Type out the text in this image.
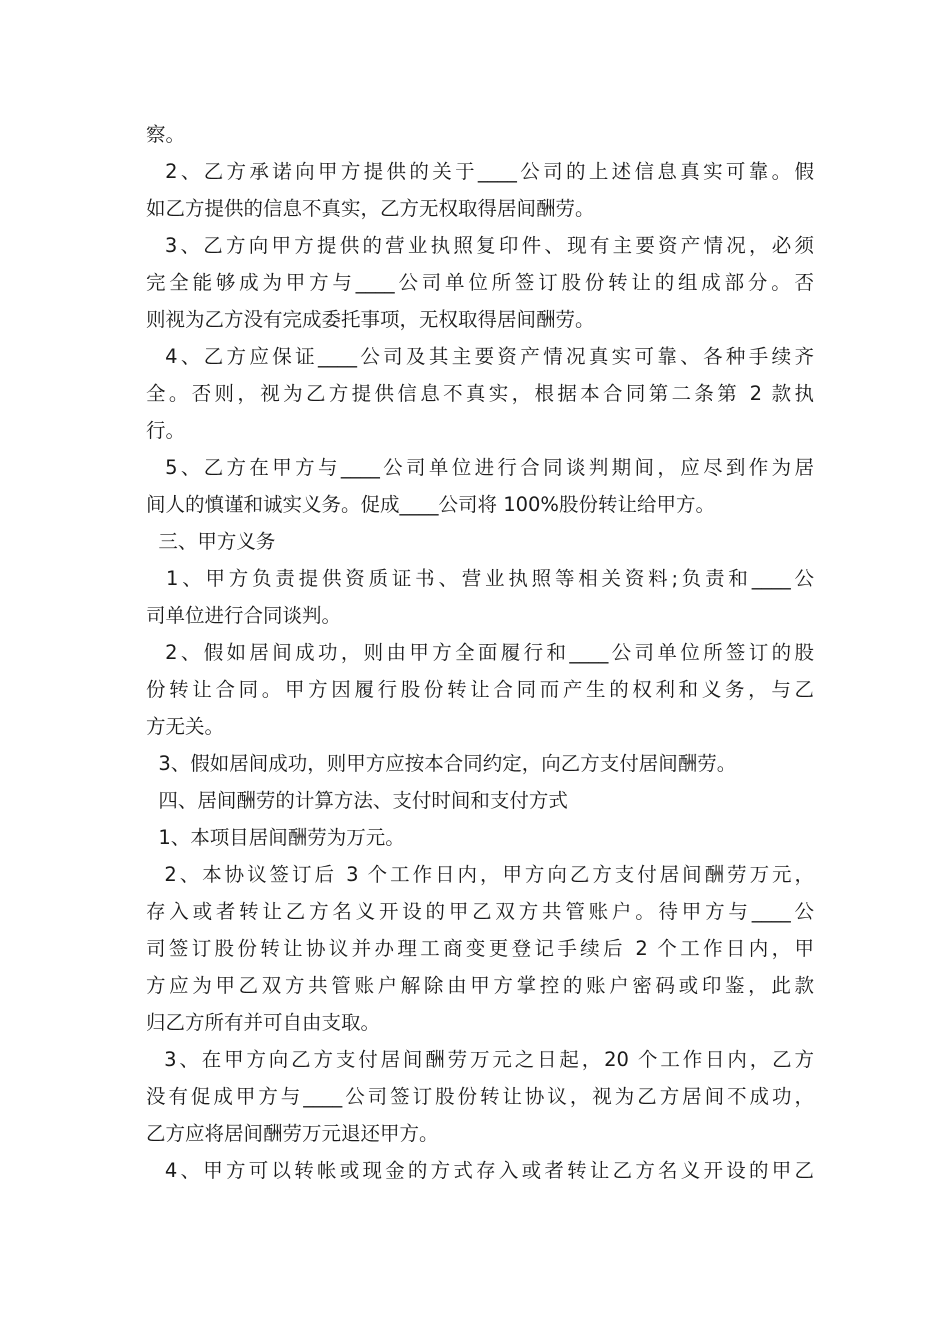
察。
2、乙方承诺向甲方提供的关于____公司的上述信息真实可靠。假
如乙方提供的信息不真实，乙方无权取得居间酬劳。
3、乙方向甲方提供的营业执照复印件、现有主要资产情况，必须
完全能够成为甲方与____公司单位所签订股份转让的组成部分。否
则视为乙方没有完成委托事项，无权取得居间酬劳。
4、乙方应保证____公司及其主要资产情况真实可靠、各种手续齐
全。否则，视为乙方提供信息不真实，根据本合同第二条第 2 款执
行。
5、乙方在甲方与____公司单位进行合同谈判期间，应尽到作为居
间人的慎谨和诚实义务。促成____公司将 100%股份转让给甲方。
三、甲方义务
1、甲方负责提供资质证书、营业执照等相关资料;负责和____公
司单位进行合同谈判。
2、假如居间成功，则由甲方全面履行和____公司单位所签订的股
份转让合同。甲方因履行股份转让合同而产生的权利和义务，与乙
方无关。
3、假如居间成功，则甲方应按本合同约定，向乙方支付居间酬劳。
四、居间酬劳的计算方法、支付时间和支付方式
1、本项目居间酬劳为万元。
2、本协议签订后 3 个工作日内，甲方向乙方支付居间酬劳万元，
存入或者转让乙方名义开设的甲乙双方共管账户。待甲方与____公
司签订股份转让协议并办理工商变更登记手续后 2 个工作日内，甲
方应为甲乙双方共管账户解除由甲方掌控的账户密码或印鉴，此款
归乙方所有并可自由支取。
3、在甲方向乙方支付居间酬劳万元之日起，20 个工作日内，乙方
没有促成甲方与____公司签订股份转让协议，视为乙方居间不成功，
乙方应将居间酬劳万元退还甲方。
4、甲方可以转帐或现金的方式存入或者转让乙方名义开设的甲乙
